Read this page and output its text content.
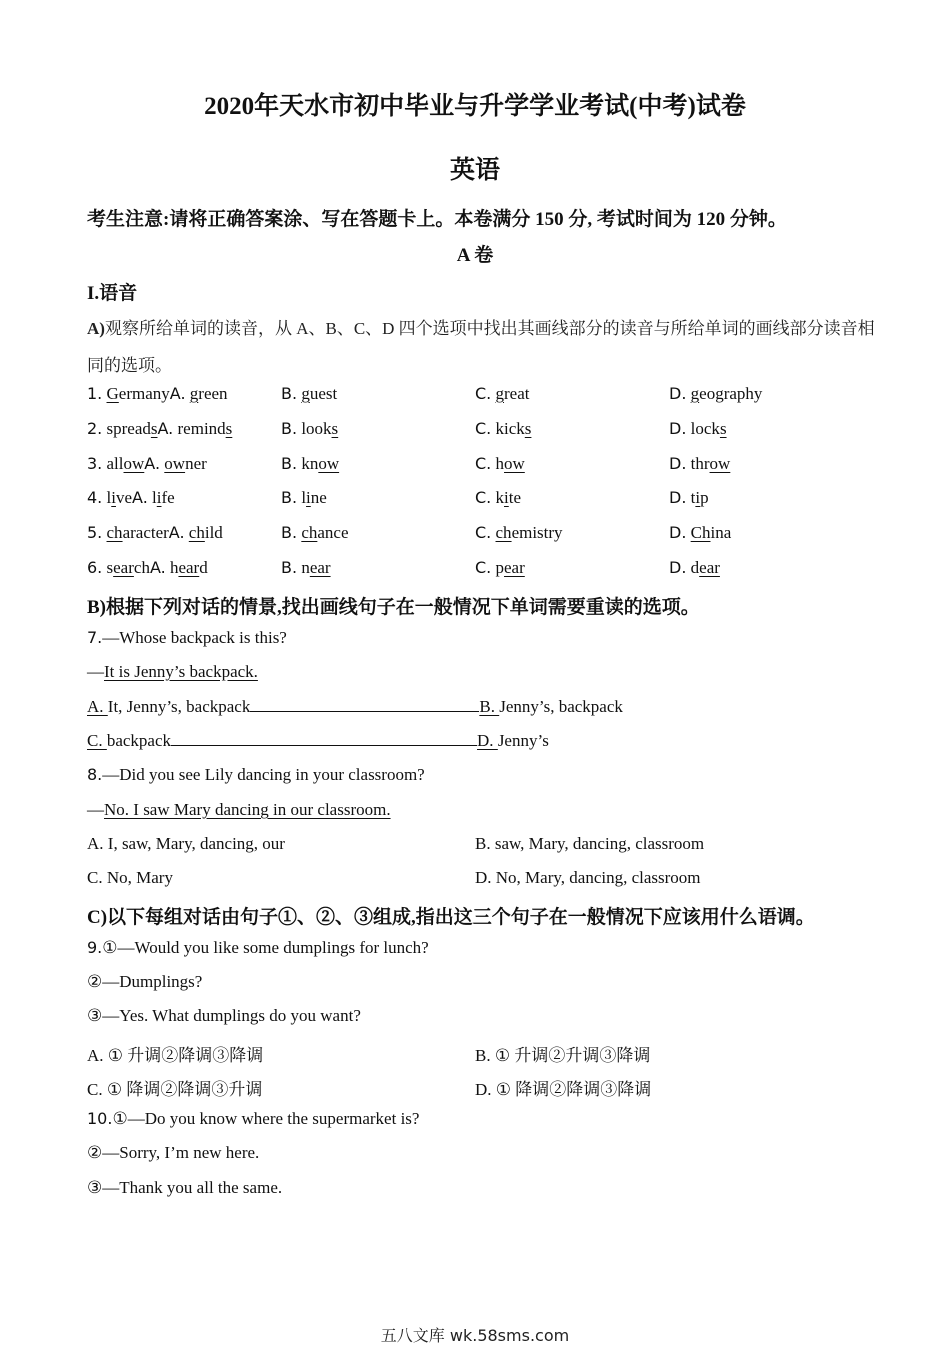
2020年天水市初中毕业与升学学业考试(中考)试卷
英语
考生注意:请将正确答案涂、写在答题卡上。本卷满分 150 分, 考试时间为 120 分钟。
A 卷
I.语音
A)观察所给单词的读音，从 A、B、C、D 四个选项中找出其画线部分的读音与所给单词的画线部分读音相
同的选项。
1. GermanyA. green	B. guest	C. great	D. geography
2. spreadsA. reminds	B. looks	C. kicks	D. locks
3. allowA. owner	B. know	C. how	D. throw
4. liveA. life	B. line	C. kite	D. tip
5. characterA. child	B. chance	C. chemistry	D. China
6. searchA. heard	B. near	C. pear	D. dear
B)根据下列对话的情景,找出画线句子在一般情况下单词需要重读的选项。
7.—Whose backpack is this?
—It is Jenny’s backpack.
A. It, Jenny’s, backpack	B. Jenny’s, backpack
C. backpack	D. Jenny’s
8.—Did you see Lily dancing in your classroom?
—No. I saw Mary dancing in our classroom.
A. I, saw, Mary, dancing, our	B. saw, Mary, dancing, classroom
C. No, Mary	D. No, Mary, dancing, classroom
C)以下每组对话由句子①、②、③组成,指出这三个句子在一般情况下应该用什么语调。
9.①—Would you like some dumplings for lunch?
②—Dumplings?
③—Yes. What dumplings do you want?
A. ① 升调②降调③降调	B. ① 升调②升调③降调
C. ① 降调②降调③升调	D. ① 降调②降调③降调
10.①—Do you know where the supermarket is?
②—Sorry, I’m new here.
③—Thank you all the same.
五八文库 wk.58sms.com
